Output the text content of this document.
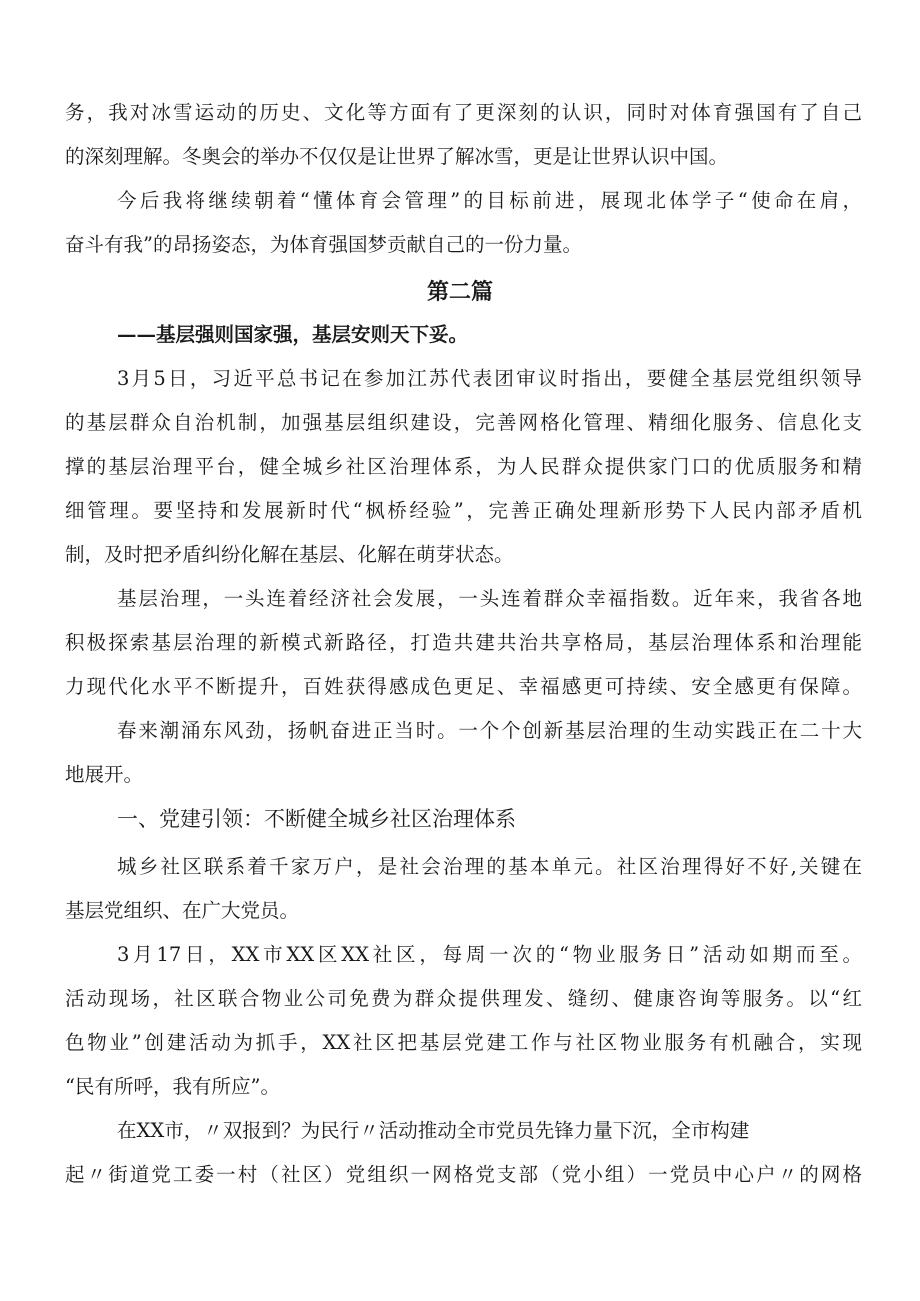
务，我对冰雪运动的历史、文化等方面有了更深刻的认识，同时对体育强国有了自己
的深刻理解。冬奥会的举办不仅仅是让世界了解冰雪，更是让世界认识中国。
今后我将继续朝着“懂体育会管理”的目标前进，展现北体学子“使命在肩，
奋斗有我”的昂扬姿态，为体育强国梦贡献自己的一份力量。
第二篇
——基层强则国家强，基层安则天下妥。
3月5日，习近平总书记在参加江苏代表团审议时指出，要健全基层党组织领导
的基层群众自治机制，加强基层组织建设，完善网格化管理、精细化服务、信息化支
撑的基层治理平台，健全城乡社区治理体系，为人民群众提供家门口的优质服务和精
细管理。要坚持和发展新时代“枫桥经验”，完善正确处理新形势下人民内部矛盾机
制，及时把矛盾纠纷化解在基层、化解在萌芽状态。
基层治理，一头连着经济社会发展，一头连着群众幸福指数。近年来，我省各地
积极探索基层治理的新模式新路径，打造共建共治共享格局，基层治理体系和治理能
力现代化水平不断提升，百姓获得感成色更足、幸福感更可持续、安全感更有保障。
春来潮涌东风劲，扬帆奋进正当时。一个个创新基层治理的生动实践正在二十大
地展开。
一、党建引领：不断健全城乡社区治理体系
城乡社区联系着千家万户，是社会治理的基本单元。社区治理得好不好,关键在
基层党组织、在广大党员。
3月17日，XX市XX区XX社区，每周一次的“物业服务日”活动如期而至。
活动现场，社区联合物业公司免费为群众提供理发、缝纫、健康咨询等服务。以“红
色物业”创建活动为抓手，XX社区把基层党建工作与社区物业服务有机融合，实现
“民有所呼，我有所应”。
在XX市，〃双报到？为民行〃活动推动全市党员先锋力量下沉，全市构建
起〃街道党工委一村（社区）党组织一网格党支部（党小组）一党员中心户〃的网格
